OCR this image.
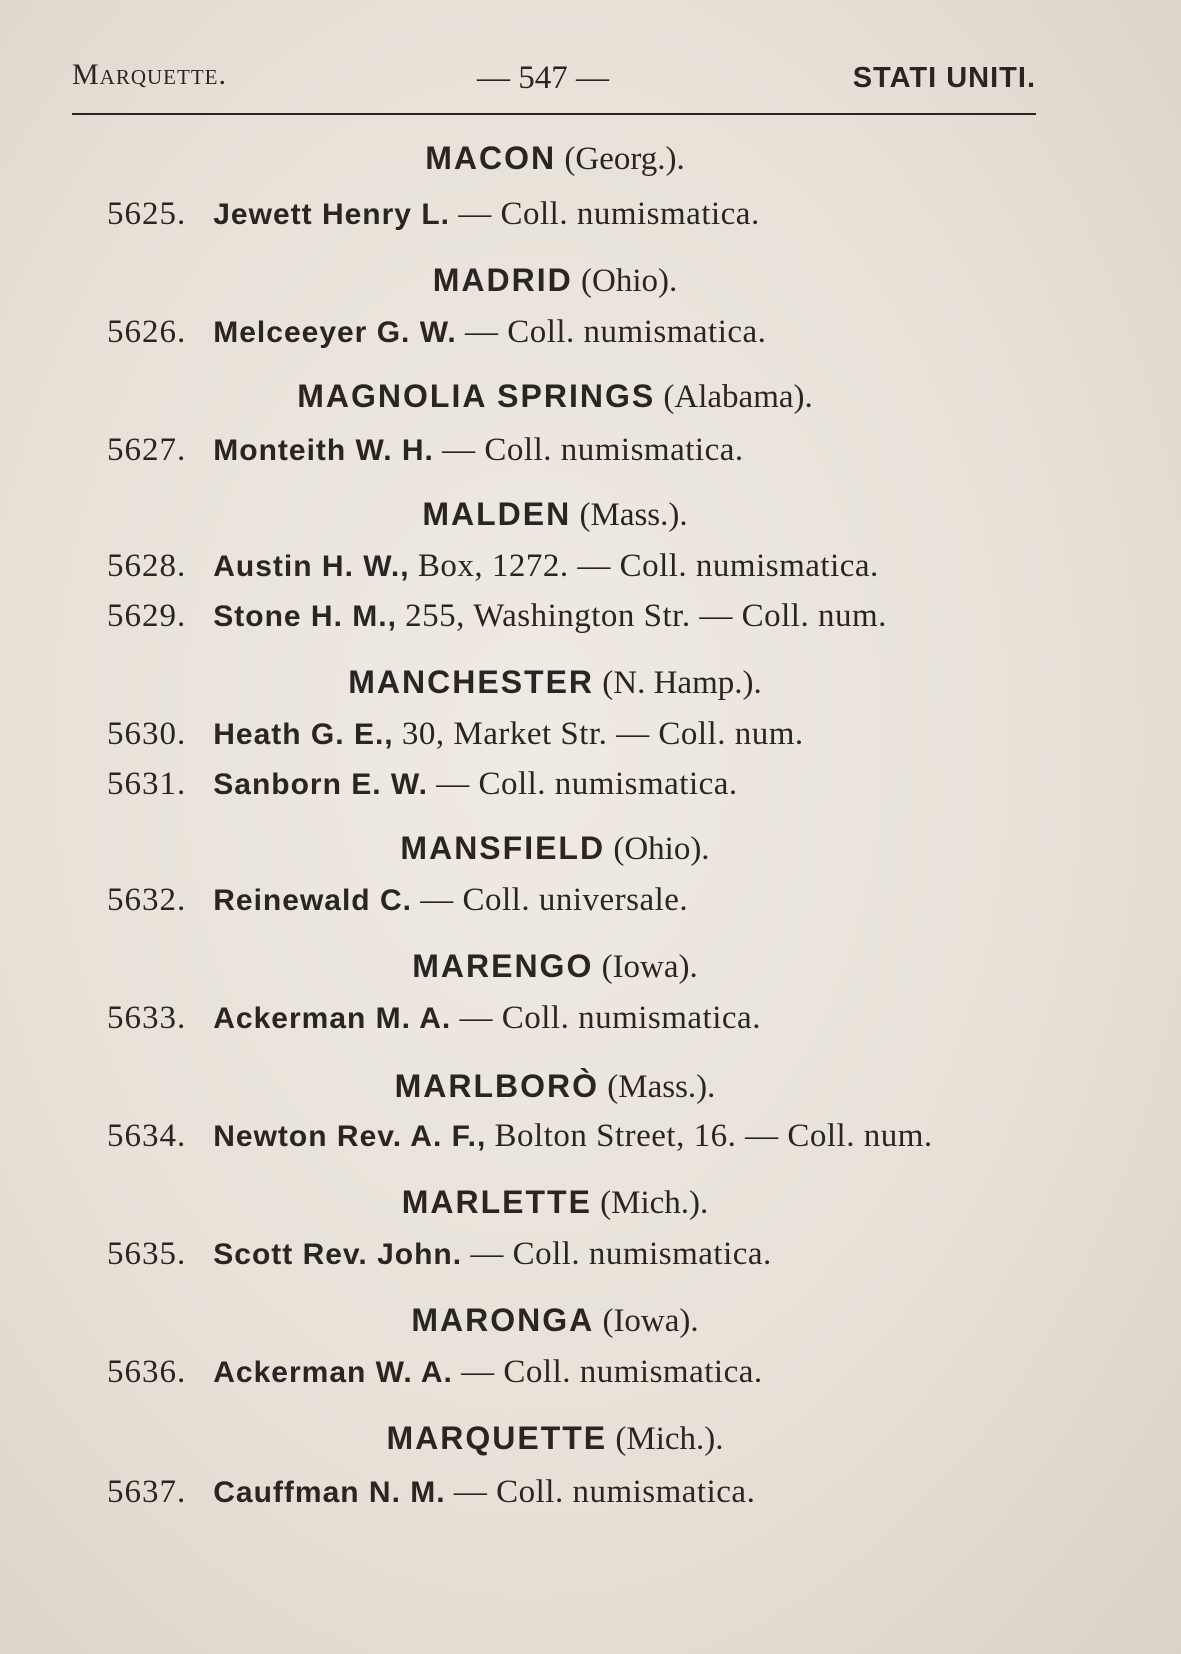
Marquette.	— 547 —	STATI UNITI.
MACON (Georg.).
5625. Jewett Henry L. — Coll. numismatica.
MADRID (Ohio).
5626. Melceeyer G. W. — Coll. numismatica.
MAGNOLIA SPRINGS (Alabama).
5627. Monteith W. H. — Coll. numismatica.
MALDEN (Mass.).
5628. Austin H. W., Box, 1272. — Coll. numismatica.
5629. Stone H. M., 255, Washington Str. — Coll. num.
MANCHESTER (N. Hamp.).
5630. Heath G. E., 30, Market Str. — Coll. num.
5631. Sanborn E. W. — Coll. numismatica.
MANSFIELD (Ohio).
5632. Reinewald C. — Coll. universale.
MARENGO (Iowa).
5633. Ackerman M. A. — Coll. numismatica.
MARLBORÒ (Mass.).
5634. Newton Rev. A. F., Bolton Street, 16. — Coll. num.
MARLETTE (Mich.).
5635. Scott Rev. John. — Coll. numismatica.
MARONGA (Iowa).
5636. Ackerman W. A. — Coll. numismatica.
MARQUETTE (Mich.).
5637. Cauffman N. M. — Coll. numismatica.
